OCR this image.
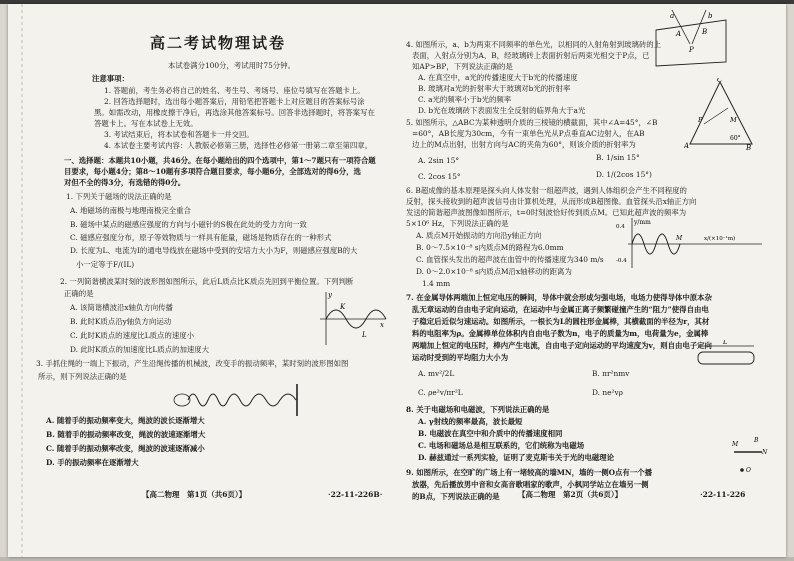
高二考试物理试卷
本试卷满分100分，考试用时75分钟。
注意事项：
1. 答题前，考生务必将自己的姓名、考生号、考场号、座位号填写在答题卡上。
2. 回答选择题时，选出每小题答案后，用铅笔把答题卡上对应题目的答案标号涂
黑。如需改动，用橡皮擦干净后，再选涂其他答案标号。回答非选择题时，将答案写在
答题卡上。写在本试卷上无效。
3. 考试结束后，将本试卷和答题卡一并交回。
4. 本试卷主要考试内容：人教版必修第三册，选择性必修第一册第二章至第四章。
一、选择题：本题共10小题，共46分。在每小题给出的四个选项中，第1～7题只有一项符合题
目要求，每小题4分；第8～10题有多项符合题目要求，每小题6分，全部选对的得6分，选
对但不全的得3分，有选错的得0分。
1. 下列关于磁场的说法正确的是
A. 地磁场的南极与地理南极完全重合
B. 磁场中某点的磁感应强度的方向与小磁针的S极在此处的受力方向一致
C. 磁感应强度分布，原子等效物质与一样具有能量，磁场是物质存在的一种形式
D. 长度为L、电流为I的通电导线放在磁场中受到的安培力大小为F，则磁感应强度B的大
小一定等于F/(IL)
2. 一列简谐横波某时刻的波形图如图所示，此后L质点比K质点先回到平衡位置。下列判断
正确的是
A. 该简谐横波沿x轴负方向传播
B. 此时K质点沿y轴负方向运动
C. 此时K质点的速度比L质点的速度小
D. 此时K质点的加速度比L质点的加速度大
y
x
K
L
3. 手抓住绳的一端上下振动，产生沿绳传播的机械波，改变手的振动频率，某时刻的波形图如图
所示，则下列说法正确的是
A. 随着手的振动频率变大，绳波的波长逐渐增大
B. 随着手的振动频率改变，绳波的波速逐渐增大
C. 随着手的振动频率改变，绳波的波速逐渐减小
D. 手的振动频率在逐渐增大
【高二物理　第1页（共6页）】	·22-11-226B·
4. 如图所示，a、b为两束不同频率的单色光，以相同的入射角射到玻璃砖的上
表面，入射点分别为A、B，经玻璃砖上表面折射后两束光相交于P点，已
知AP>BP，下列说法正确的是
A. 在真空中，a光的传播速度大于b光的传播速度
B. 玻璃对a光的折射率大于玻璃对b光的折射率
C. a光的频率小于b光的频率
D. b光在玻璃砖下表面发生全反射的临界角大于a光
a	b
P
A	B
5. 如图所示，△ABC为某种透明介质的三棱镜的横截面，其中∠A=45°，∠B
=60°，AB长度为30cm，今有一束单色光从P点垂直AC边射入，在AB
边上的M点出射，出射方向与AC的夹角为60°，则该介质的折射率为
A. 2sin 15°	B. 1/sin 15°
C. 2cos 15°	D. 1/(2cos 15°)
C
A	B
M
P
60°
6. B超成像的基本原理是探头向人体发射一组超声波，遇到人体组织会产生不同程度的
反射，探头接收到的超声波信号由计算机处理，从而形成B超图像。血管探头沿x轴正方向
发送的简谐超声波图像如图所示，t=0时刻波恰好传到质点M。已知此超声波的频率为
5×10⁶ Hz，下列说法正确的是
A. 质点M开始振动的方向沿y轴正方向
B. 0～7.5×10⁻⁸ s内质点M的路程为6.0mm
C. 血管探头发出的超声波在血管中的传播速度为340 m/s
D. 0～2.0×10⁻⁸ s内质点M沿x轴移动的距离为
1.4 mm
y/mm
0.4
-0.4
M	x/(×10⁻¹m)
7. 在金属导体两端加上恒定电压的瞬间，导体中就会形成匀强电场，电场力使得导体中原本杂
乱无章运动的自由电子定向运动，在运动中与金属正离子频繁碰撞产生的“阻力”使得自由电
子稳定后近似匀速运动。如图所示，一根长为L的圆柱形金属棒，其横截面的半径为r，其材
料的电阻率为ρ。金属棒单位体积内自由电子数为n，电子的质量为m，电荷量为e，金属棒
两端加上恒定的电压时，棒内产生电流，自由电子定向运动的平均速度为v，则自由电子定向
运动时受到的平均阻力大小为
A. mv²/2L	B. πr²nmv
C. ρe²v/πr²L	D. ne²vρ
L
8. 关于电磁场和电磁波，下列说法正确的是
A. γ射线的频率最高，波长最短
B. 电磁波在真空中和介质中的传播速度相同
C. 电场和磁场总是相互联系的，它们统称为电磁场
D. 赫兹通过一系列实验，证明了麦克斯韦关于光的电磁理论
9. 如图所示，在空旷的广场上有一堵较高的墙MN，墙的一侧O点有一个播
放器，先后播放男中音和女高音歌唱家的歌声，小枫同学站立在墙另一侧
的B点，下列说法正确的是
M
N
O
B
【高二物理　第2页（共6页）】	·22-11-226
